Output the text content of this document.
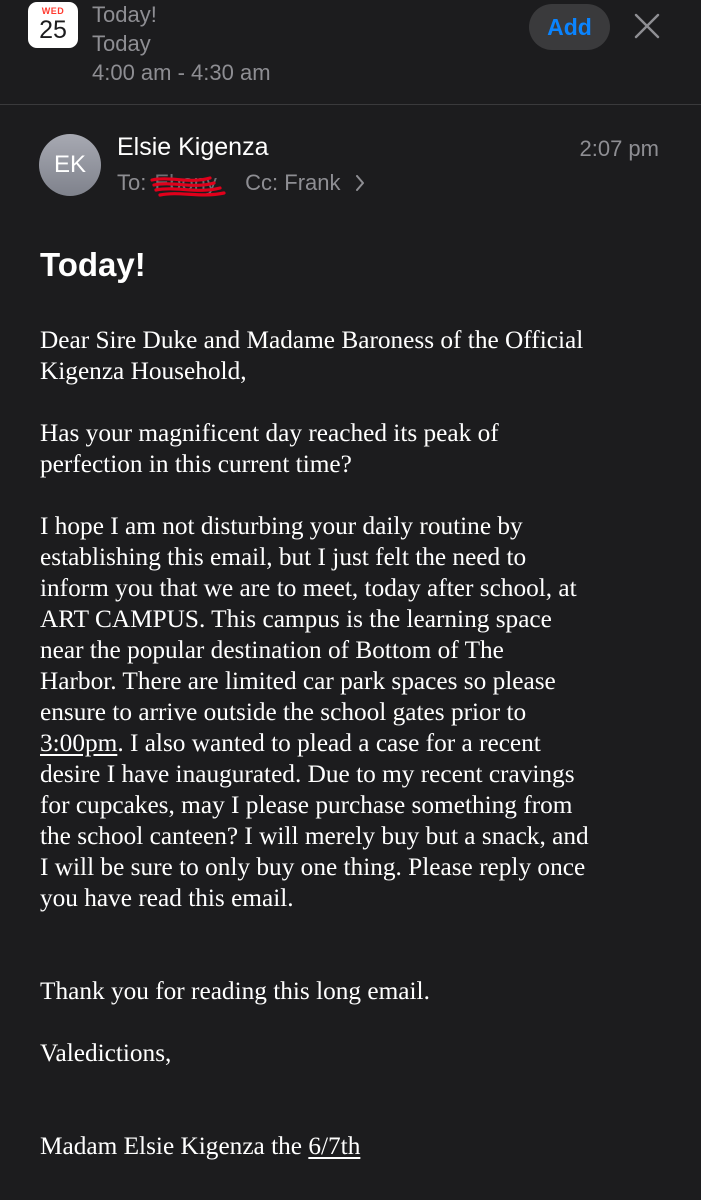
WED
25
Today!
Today
4:00 am - 4:30 am
Add
EK
Elsie Kigenza	2:07 pm
To: Ebony Cc: Frank
Today!
Dear Sire Duke and Madame Baroness of the Official
Kigenza Household,
Has your magnificent day reached its peak of
perfection in this current time?
I hope I am not disturbing your daily routine by
establishing this email, but I just felt the need to
inform you that we are to meet, today after school, at
ART CAMPUS. This campus is the learning space
near the popular destination of Bottom of The
Harbor. There are limited car park spaces so please
ensure to arrive outside the school gates prior to
3:00pm. I also wanted to plead a case for a recent
desire I have inaugurated. Due to my recent cravings
for cupcakes, may I please purchase something from
the school canteen? I will merely buy but a snack, and
I will be sure to only buy one thing. Please reply once
you have read this email.
Thank you for reading this long email.
Valedictions,
Madam Elsie Kigenza the 6/7th
